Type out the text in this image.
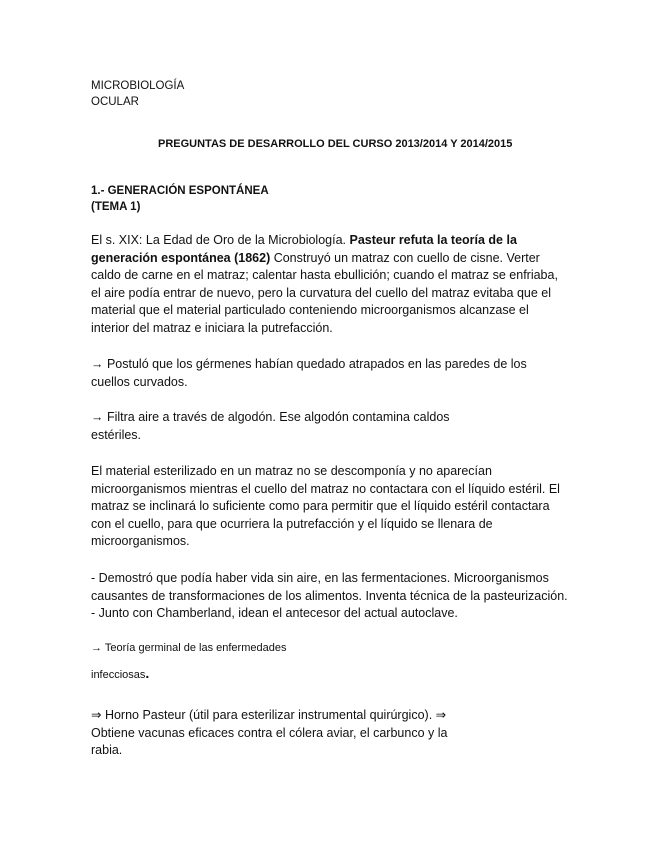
MICROBIOLOGÍA
OCULAR

PREGUNTAS DE DESARROLLO DEL CURSO 2013/2014 Y 2014/2015

1.- GENERACIÓN ESPONTÁNEA
(TEMA 1)

El s. XIX: La Edad de Oro de la Microbiología. Pasteur refuta la teoría de la generación espontánea (1862) Construyó un matraz con cuello de cisne. Verter caldo de carne en el matraz; calentar hasta ebullición; cuando el matraz se enfriaba, el aire podía entrar de nuevo, pero la curvatura del cuello del matraz evitaba que el material que el material particulado conteniendo microorganismos alcanzase el interior del matraz e iniciara la putrefacción.

→ Postuló que los gérmenes habían quedado atrapados en las paredes de los cuellos curvados.

→ Filtra aire a través de algodón. Ese algodón contamina caldos estériles.

El material esterilizado en un matraz no se descomponía y no aparecían microorganismos mientras el cuello del matraz no contactara con el líquido estéril. El matraz se inclinará lo suficiente como para permitir que el líquido estéril contactara con el cuello, para que ocurriera la putrefacción y el líquido se llenara de microorganismos.

- Demostró que podía haber vida sin aire, en las fermentaciones. Microorganismos causantes de transformaciones de los alimentos. Inventa técnica de la pasteurización. - Junto con Chamberland, idean el antecesor del actual autoclave.

→ Teoría germinal de las enfermedades

infecciosas.

⇒ Horno Pasteur (útil para esterilizar instrumental quirúrgico). ⇒ Obtiene vacunas eficaces contra el cólera aviar, el carbunco y la rabia.
